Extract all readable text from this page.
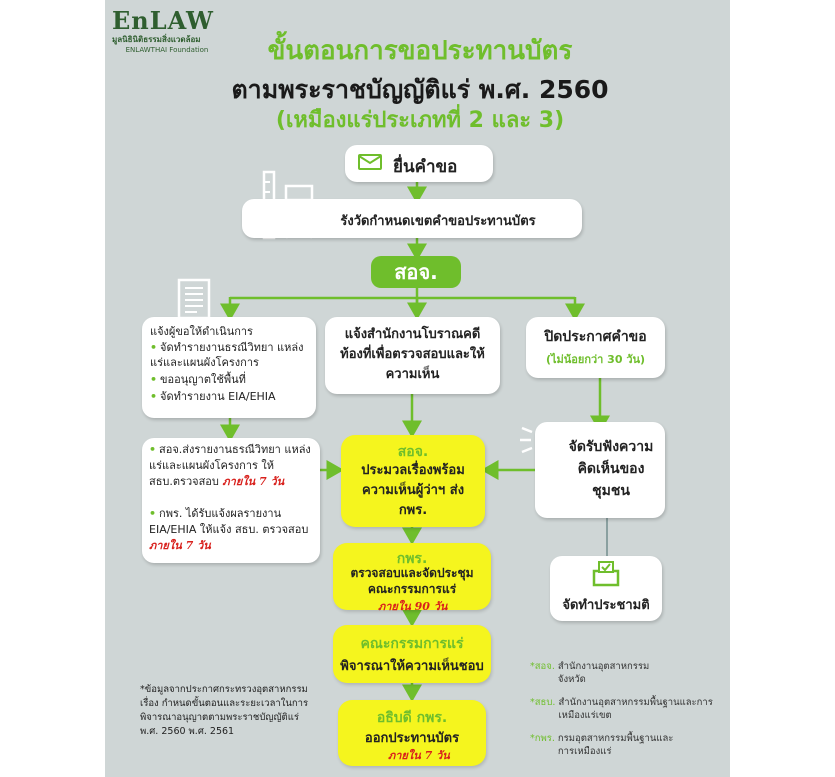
EnLAW
มูลนิธินิติธรรมสิ่งแวดล้อม
ENLAWTHAI Foundation	ขั้นตอนการขอประทานบัตร
ตามพระราชบัญญัติแร่ พ.ศ. 2560
(เหมืองแร่ประเภทที่ 2 และ 3)
ยื่นคำขอ
รังวัดกำหนดเขตคำขอประทานบัตร
สอจ.
แจ้งผู้ขอให้ดำเนินการ
• จัดทำรายงานธรณีวิทยา แหล่งแร่และแผนผังโครงการ
• ขออนุญาตใช้พื้นที่
• จัดทำรายงาน EIA/EHIA
แจ้งสำนักงานโบราณคดีท้องที่เพื่อตรวจสอบและให้ความเห็น
ปิดประกาศคำขอ
(ไม่น้อยกว่า 30 วัน)
• สอจ.ส่งรายงานธรณีวิทยา แหล่งแร่และแผนผังโครงการ ให้ สธบ.ตรวจสอบ ภายใน 7 วัน
• กพร. ได้รับแจ้งผลรายงาน EIA/EHIA ให้แจ้ง สธบ. ตรวจสอบ ภายใน 7 วัน
จัดรับฟังความคิดเห็นของชุมชน
จัดทำประชามติ
สอจ.
ประมวลเรื่องพร้อมความเห็นผู้ว่าฯ ส่ง กพร.
กพร.
ตรวจสอบและจัดประชุมคณะกรรมการแร่
ภายใน 90 วัน
คณะกรรมการแร่
พิจารณาให้ความเห็นชอบ
อธิบดี กพร.
ออกประทานบัตร
ภายใน 7 วัน
*ข้อมูลจากประกาศกระทรวงอุตสาหกรรม เรื่อง กำหนดขั้นตอนและระยะเวลาในการพิจารณาอนุญาตตามพระราชบัญญัติแร่ พ.ศ. 2560 พ.ศ. 2561
*สอจ. สำนักงานอุตสาหกรรมจังหวัด
*สธบ. สำนักงานอุตสาหกรรมพื้นฐานและการเหมืองแร่เขต
*กพร. กรมอุตสาหกรรมพื้นฐานและการเหมืองแร่
